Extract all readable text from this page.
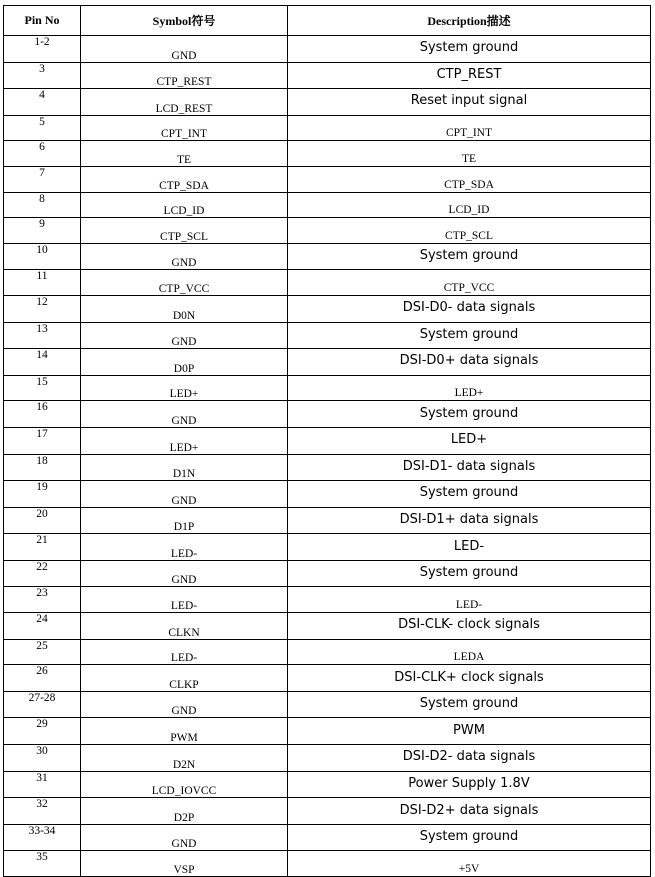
Pin No	Symbol符号	Description描述
1-2	GND	System ground
3	CTP_REST	CTP_REST
4	LCD_REST	Reset input signal
5	CPT_INT	CPT_INT
6	TE	TE
7	CTP_SDA	CTP_SDA
8	LCD_ID	LCD_ID
9	CTP_SCL	CTP_SCL
10	GND	System ground
11	CTP_VCC	CTP_VCC
12	D0N	DSI-D0- data signals
13	GND	System ground
14	D0P	DSI-D0+ data signals
15	LED+	LED+
16	GND	System ground
17	LED+	LED+
18	D1N	DSI-D1- data signals
19	GND	System ground
20	D1P	DSI-D1+ data signals
21	LED-	LED-
22	GND	System ground
23	LED-	LED-
24	CLKN	DSI-CLK- clock signals
25	LED-	LEDA
26	CLKP	DSI-CLK+ clock signals
27-28	GND	System ground
29	PWM	PWM
30	D2N	DSI-D2- data signals
31	LCD_IOVCC	Power Supply 1.8V
32	D2P	DSI-D2+ data signals
33-34	GND	System ground
35	VSP	+5V
